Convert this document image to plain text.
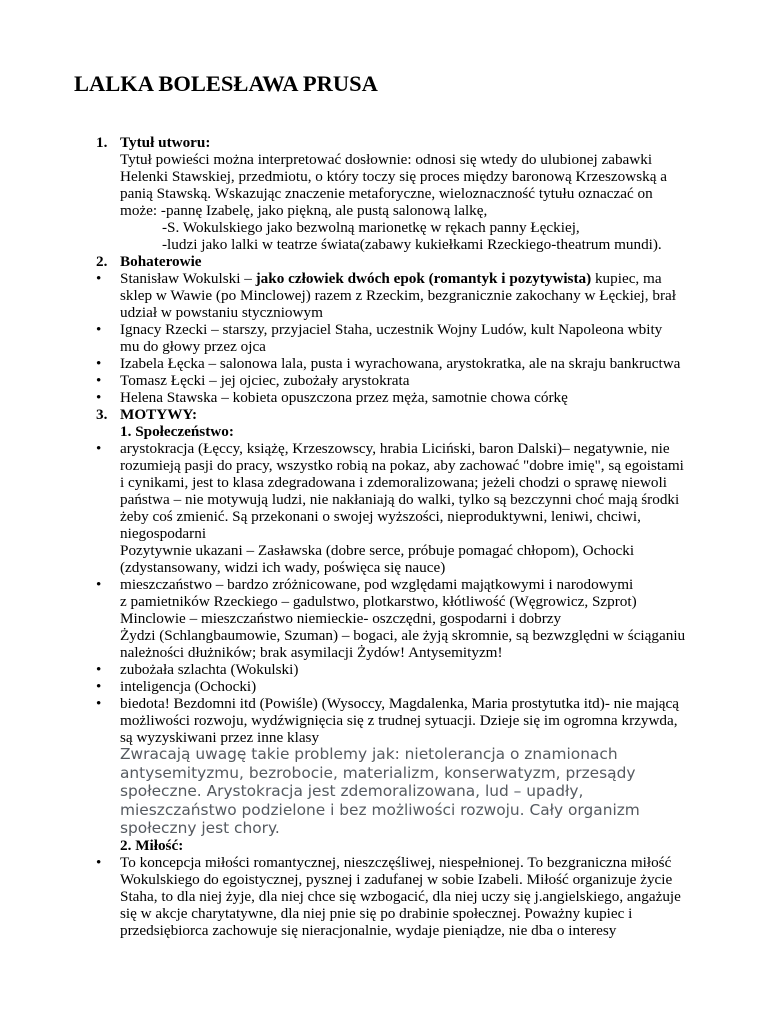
LALKA BOLESŁAWA PRUSA
1. Tytuł utworu:
Tytuł powieści można interpretować dosłownie: odnosi się wtedy do ulubionej zabawki
Helenki Stawskiej, przedmiotu, o który toczy się proces między baronową Krzeszowską a
panią Stawską. Wskazując znaczenie metaforyczne, wieloznaczność tytułu oznaczać on
może: -pannę Izabelę, jako piękną, ale pustą salonową lalkę,
-S. Wokulskiego jako bezwolną marionetkę w rękach panny Łęckiej,
-ludzi jako lalki w teatrze świata(zabawy kukiełkami Rzeckiego-theatrum mundi).
2. Bohaterowie
• Stanisław Wokulski – jako człowiek dwóch epok (romantyk i pozytywista) kupiec, ma
sklep w Wawie (po Minclowej) razem z Rzeckim, bezgranicznie zakochany w Łęckiej, brał
udział w powstaniu styczniowym
• Ignacy Rzecki – starszy, przyjaciel Staha, uczestnik Wojny Ludów, kult Napoleona wbity
mu do głowy przez ojca
• Izabela Łęcka – salonowa lala, pusta i wyrachowana, arystokratka, ale na skraju bankructwa
• Tomasz Łęcki – jej ojciec, zubożały arystokrata
• Helena Stawska – kobieta opuszczona przez męża, samotnie chowa córkę
3. MOTYWY:
1. Społeczeństwo:
• arystokracja (Łęccy, książę, Krzeszowscy, hrabia Liciński, baron Dalski)– negatywnie, nie
rozumieją pasji do pracy, wszystko robią na pokaz, aby zachować "dobre imię", są egoistami
i cynikami, jest to klasa zdegradowana i zdemoralizowana; jeżeli chodzi o sprawę niewoli
państwa – nie motywują ludzi, nie nakłaniają do walki, tylko są bezczynni choć mają środki
żeby coś zmienić. Są przekonani o swojej wyższości, nieproduktywni, leniwi, chciwi,
niegospodarni
Pozytywnie ukazani – Zasławska (dobre serce, próbuje pomagać chłopom), Ochocki
(zdystansowany, widzi ich wady, poświęca się nauce)
• mieszczaństwo – bardzo zróżnicowane, pod względami majątkowymi i narodowymi
z pamietników Rzeckiego – gadulstwo, plotkarstwo, kłótliwość (Węgrowicz, Szprot)
Minclowie – mieszczaństwo niemieckie- oszczędni, gospodarni i dobrzy
Żydzi (Schlangbaumowie, Szuman) – bogaci, ale żyją skromnie, są bezwzględni w ściąganiu
należności dłużników; brak asymilacji Żydów! Antysemityzm!
• zubożała szlachta (Wokulski)
• inteligencja (Ochocki)
• biedota! Bezdomni itd (Powiśle) (Wysoccy, Magdalenka, Maria prostytutka itd)- nie mającą
możliwości rozwoju, wydźwignięcia się z trudnej sytuacji. Dzieje się im ogromna krzywda,
są wyzyskiwani przez inne klasy
Zwracają uwagę takie problemy jak: nietolerancja o znamionach
antysemityzmu, bezrobocie, materializm, konserwatyzm, przesądy
społeczne. Arystokracja jest zdemoralizowana, lud – upadły,
mieszczaństwo podzielone i bez możliwości rozwoju. Cały organizm
społeczny jest chory.
2. Miłość:
• To koncepcja miłości romantycznej, nieszczęśliwej, niespełnionej. To bezgraniczna miłość
Wokulskiego do egoistycznej, pysznej i zadufanej w sobie Izabeli. Miłość organizuje życie
Staha, to dla niej żyje, dla niej chce się wzbogacić, dla niej uczy się j.angielskiego, angażuje
się w akcje charytatywne, dla niej pnie się po drabinie społecznej. Poważny kupiec i
przedsiębiorca zachowuje się nieracjonalnie, wydaje pieniądze, nie dba o interesy
